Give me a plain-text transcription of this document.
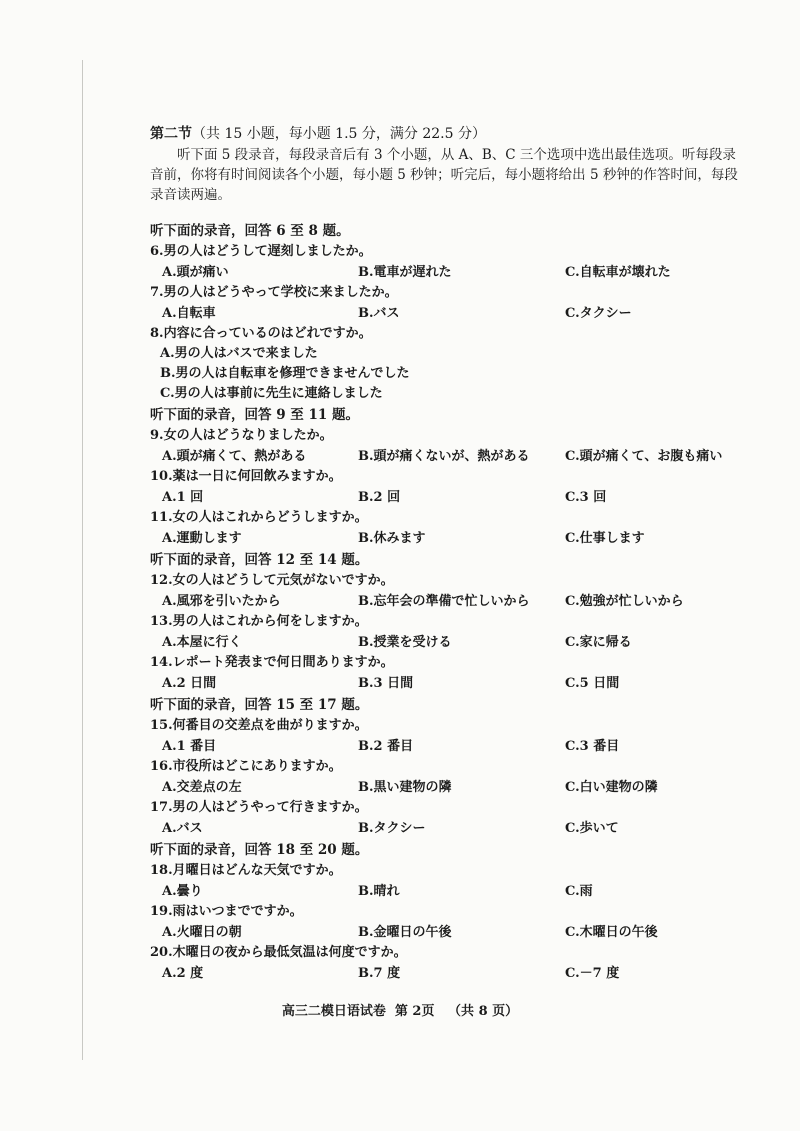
第二节（共 15 小题，每小题 1.5 分，满分 22.5 分）

听下面 5 段录音，每段录音后有 3 个小题，从 A、B、C 三个选项中选出最佳选项。听每段录音前，你将有时间阅读各个小题，每小题 5 秒钟；听完后，每小题将给出 5 秒钟的作答时间，每段录音读两遍。

听下面的录音，回答 6 至 8 题。
6.男の人はどうして遅刻しましたか。
A.頭が痛い	B.電車が遅れた	C.自転車が壊れた
7.男の人はどうやって学校に来ましたか。
A.自転車	B.バス	C.タクシー
8.内容に合っているのはどれですか。
A.男の人はバスで来ました
B.男の人は自転車を修理できませんでした
C.男の人は事前に先生に連絡しました
听下面的录音，回答 9 至 11 题。
9.女の人はどうなりましたか。
A.頭が痛くて、熱がある	B.頭が痛くないが、熱がある	C.頭が痛くて、お腹も痛い
10.薬は一日に何回飲みますか。
A.1 回	B.2 回	C.3 回
11.女の人はこれからどうしますか。
A.運動します	B.休みます	C.仕事します
听下面的录音，回答 12 至 14 题。
12.女の人はどうして元気がないですか。
A.風邪を引いたから	B.忘年会の準備で忙しいから	C.勉強が忙しいから
13.男の人はこれから何をしますか。
A.本屋に行く	B.授業を受ける	C.家に帰る
14.レポート発表まで何日間ありますか。
A.2 日間	B.3 日間	C.5 日間
听下面的录音，回答 15 至 17 题。
15.何番目の交差点を曲がりますか。
A.1 番目	B.2 番目	C.3 番目
16.市役所はどこにありますか。
A.交差点の左	B.黒い建物の隣	C.白い建物の隣
17.男の人はどうやって行きますか。
A.バス	B.タクシー	C.歩いて
听下面的录音，回答 18 至 20 题。
18.月曜日はどんな天気ですか。
A.曇り	B.晴れ	C.雨
19.雨はいつまでですか。
A.火曜日の朝	B.金曜日の午後	C.木曜日の午後
20.木曜日の夜から最低気温は何度ですか。
A.2 度	B.7 度	C.－7 度
高三二模日语试卷  第 2页   （共 8 页）
